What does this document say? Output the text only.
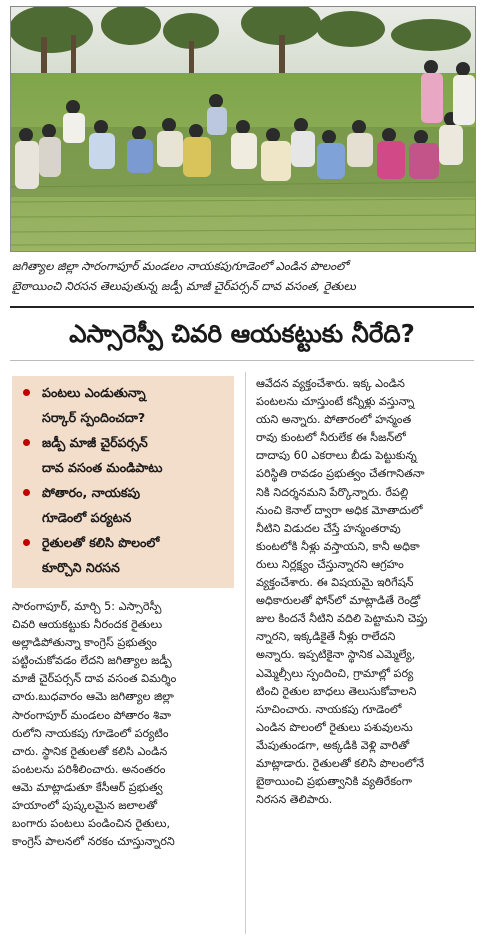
జగిత్యాల జిల్లా సారంగాపూర్ మండలం నాయకపుగూడెంలో ఎండిన పొలంలో
బైఠాయించి నిరసన తెలుపుతున్న జడ్పీ మాజీ చైర్‌పర్సన్ దావ వసంత, రైతులు
ఎస్సారెస్పీ చివరి ఆయకట్టుకు నీరేది?
పంటలు ఎండుతున్నా
సర్కార్ స్పందించదా?
జడ్పీ మాజీ చైర్‌పర్సన్
దావ వసంత మండిపాటు
పోతారం, నాయకపు
గూడెంలో పర్యటన
రైతులతో కలిసి పొలంలో
కూర్చొని నిరసన
సారంగాపూర్, మార్చి 5: ఎస్సారెస్పీ
చివరి ఆయకట్టుకు నీరందక రైతులు
అల్లాడిపోతున్నా కాంగ్రెస్ ప్రభుత్వం
పట్టించుకోవడం లేదని జగిత్యాల జడ్పీ
మాజీ చైర్‌పర్సన్ దావ వసంత విమర్శిం
చారు.బుధవారం ఆమె జగిత్యాల జిల్లా
సారంగాపూర్ మండలం పోతారం శివా
రులోని నాయకపు గూడెంలో పర్యటిం
చారు. స్థానిక రైతులతో కలిసి ఎండిన
పంటలను పరిశీలించారు. అనంతరం
ఆమె మాట్లాడుతూ కేసీఆర్ ప్రభుత్వ
హయాంలో పుష్కలమైన జలాలతో
బంగారు పంటలు పండించిన రైతులు,
కాంగ్రెస్ పాలనలో నరకం చూస్తున్నారని
ఆవేదన వ్యక్తంచేశారు. ఇక్క ఎండిన
పంటలను చూస్తుంటే కన్నీళ్లు వస్తున్నా
యని అన్నారు. పోతారంలో హన్మంత
రావు కుంటలో నీరులేక ఈ సీజన్‌లో
దాదాపు 60 ఎకరాలు బీడు పెట్టుకున్న
పరిస్థితి రావడం ప్రభుత్వం చేతగానితనా
నికి నిదర్శనమని పేర్కొన్నారు. రేపల్లి
నుంచి కెనాల్ ద్వారా అధిక మోతాదులో
నీటిని విడుదల చేస్తే హన్మంతరావు
కుంటలోకి నీళ్లు వస్తాయని, కానీ అధికా
రులు నిర్లక్ష్యం చేస్తున్నారని ఆగ్రహం
వ్యక్తంచేశారు. ఈ విషయమై ఇరిగేషన్
అధికారులతో ఫోన్‌లో మాట్లాడితే రెండ్రో
జుల కిందనే నీటిని వదిలి పెట్టామని చెప్తు
న్నారని, ఇక్కడికైతే నీళ్లు రాలేదని
అన్నారు. ఇప్పటికైనా స్థానిక ఎమ్మెల్యే,
ఎమ్మెల్సీలు స్పందించి, గ్రామాల్లో పర్య
టించి రైతుల బాధలు తెలుసుకోవాలని
సూచించారు. నాయకపు గూడెంలో
ఎండిన పొలంలో రైతులు పశువులను
మేపుతుండగా, అక్కడికి వెళ్లి వారితో
మాట్లాడారు. రైతులతో కలిసి పొలంలోనే
బైఠాయించి ప్రభుత్వానికి వ్యతిరేకంగా
నిరసన తెలిపారు.
